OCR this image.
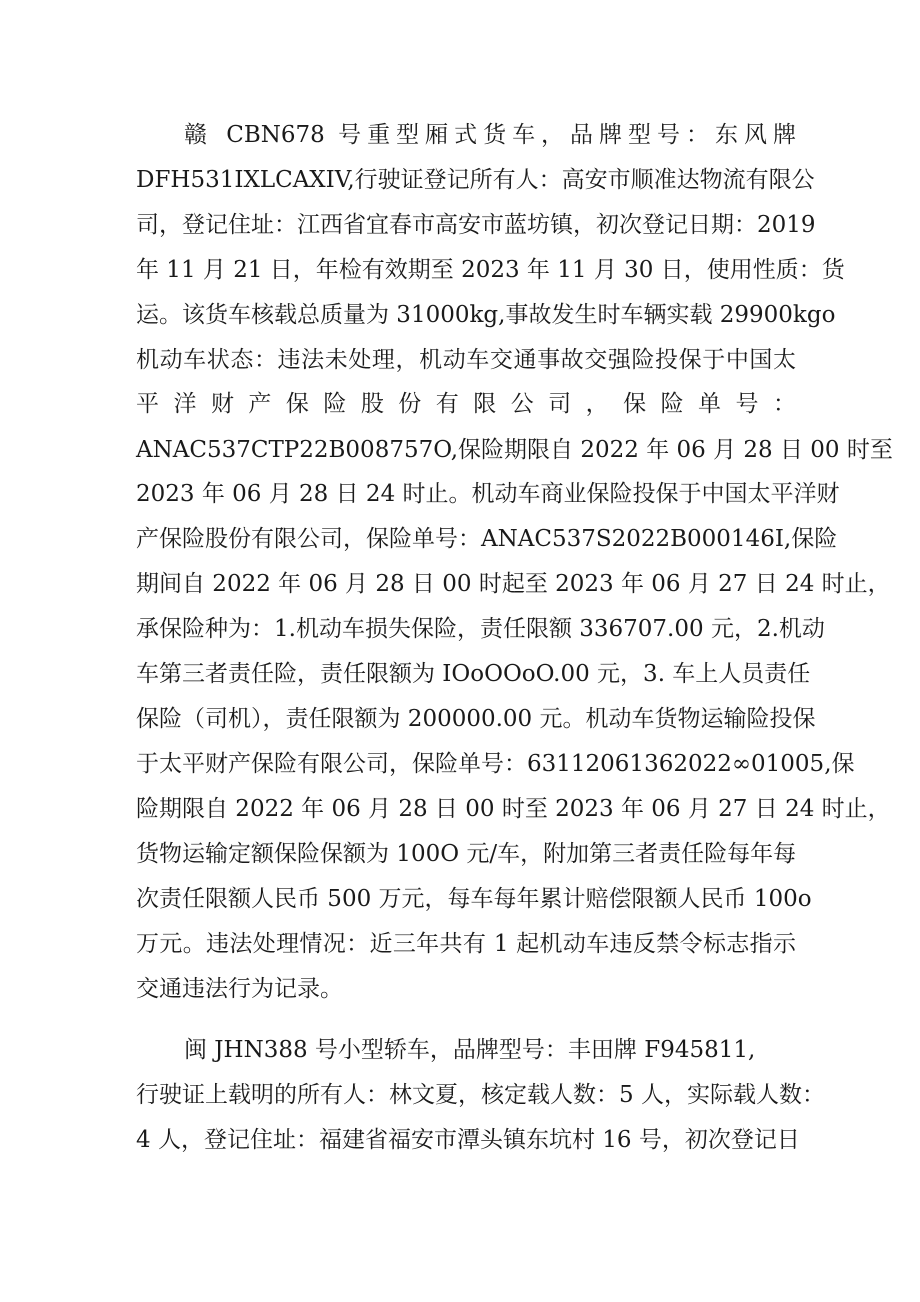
赣 CBN678 号重型厢式货车，品牌型号：东风牌
DFH531IXLCAXIV,行驶证登记所有人：高安市顺准达物流有限公
司，登记住址：江西省宜春市高安市蓝坊镇，初次登记日期：2019
年 11 月 21 日，年检有效期至 2023 年 11 月 30 日，使用性质：货
运。该货车核载总质量为 31000kg,事故发生时车辆实载 29900kgo
机动车状态：违法未处理，机动车交通事故交强险投保于中国太
平洋财产保险股份有限公司，保险单号：
ANAC537CTP22B008757O,保险期限自 2022 年 06 月 28 日 00 时至
2023 年 06 月 28 日 24 时止。机动车商业保险投保于中国太平洋财
产保险股份有限公司，保险单号：ANAC537S2022B000146I,保险
期间自 2022 年 06 月 28 日 00 时起至 2023 年 06 月 27 日 24 时止，
承保险种为：1.机动车损失保险，责任限额 336707.00 元，2.机动
车第三者责任险，责任限额为 IOoOOoO.00 元，3. 车上人员责任
保险（司机），责任限额为 200000.00 元。机动车货物运输险投保
于太平财产保险有限公司，保险单号：63112061362022∞01005,保
险期限自 2022 年 06 月 28 日 00 时至 2023 年 06 月 27 日 24 时止，
货物运输定额保险保额为 100O 元/车，附加第三者责任险每年每
次责任限额人民币 500 万元，每车每年累计赔偿限额人民币 100o
万元。违法处理情况：近三年共有 1 起机动车违反禁令标志指示
交通违法行为记录。
闽 JHN388 号小型轿车，品牌型号：丰田牌 F945811,
行驶证上载明的所有人：林文夏，核定载人数：5 人，实际载人数：
4 人，登记住址：福建省福安市潭头镇东坑村 16 号，初次登记日
